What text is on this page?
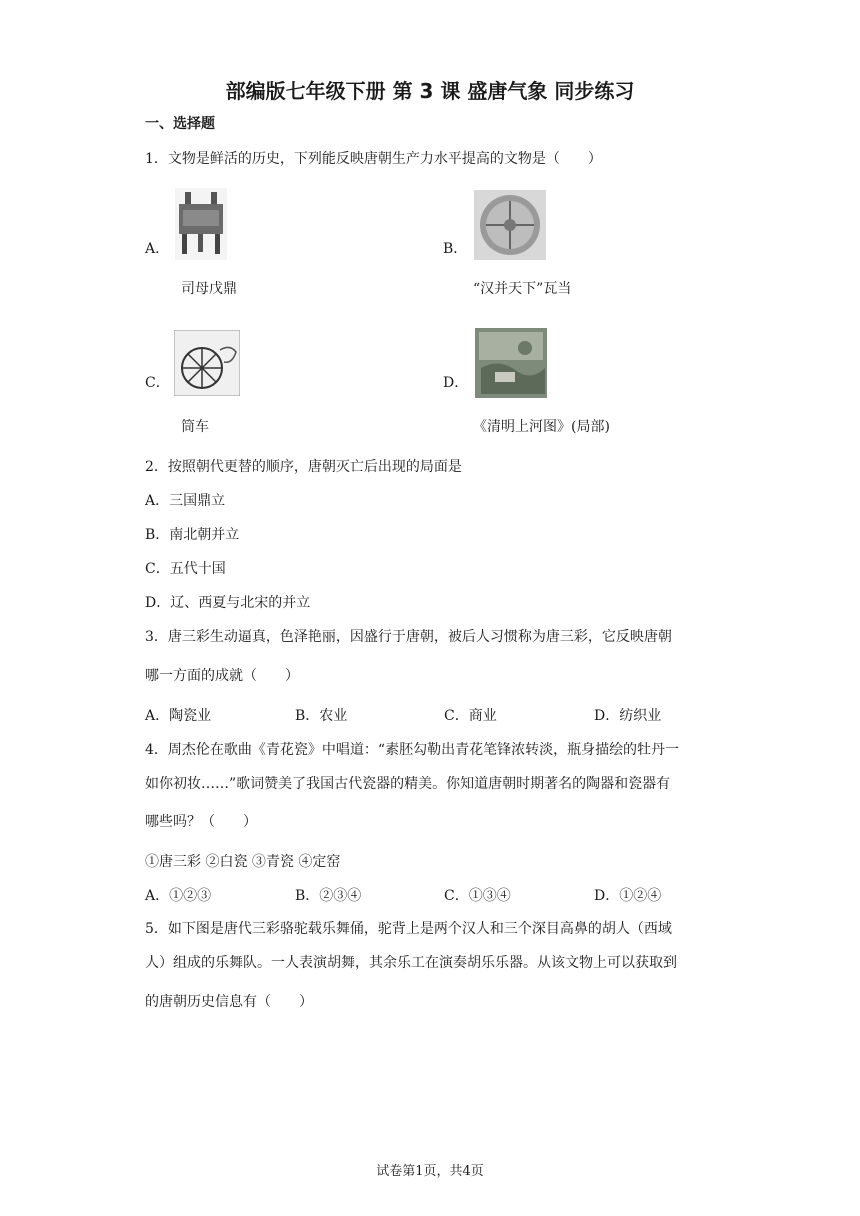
部编版七年级下册 第 3 课 盛唐气象 同步练习
一、选择题
1．文物是鲜活的历史，下列能反映唐朝生产力水平提高的文物是（　　）
A．
司母戊鼎
B．
“汉并天下”瓦当
C．
筒车
D．
《清明上河图》(局部)
2．按照朝代更替的顺序，唐朝灭亡后出现的局面是
A．三国鼎立
B．南北朝并立
C．五代十国
D．辽、西夏与北宋的并立
3．唐三彩生动逼真，色泽艳丽，因盛行于唐朝，被后人习惯称为唐三彩，它反映唐朝
哪一方面的成就（　　）
A．陶瓷业	B．农业	C．商业	D．纺织业
4．周杰伦在歌曲《青花瓷》中唱道：“素胚勾勒出青花笔锋浓转淡，瓶身描绘的牡丹一
如你初妆……”歌词赞美了我国古代瓷器的精美。你知道唐朝时期著名的陶器和瓷器有
哪些吗？（　　）
①唐三彩 ②白瓷 ③青瓷 ④定窑
A．①②③	B．②③④	C．①③④	D．①②④
5．如下图是唐代三彩骆驼载乐舞俑，驼背上是两个汉人和三个深目高鼻的胡人（西域
人）组成的乐舞队。一人表演胡舞，其余乐工在演奏胡乐乐器。从该文物上可以获取到
的唐朝历史信息有（　　）
试卷第1页，共4页
